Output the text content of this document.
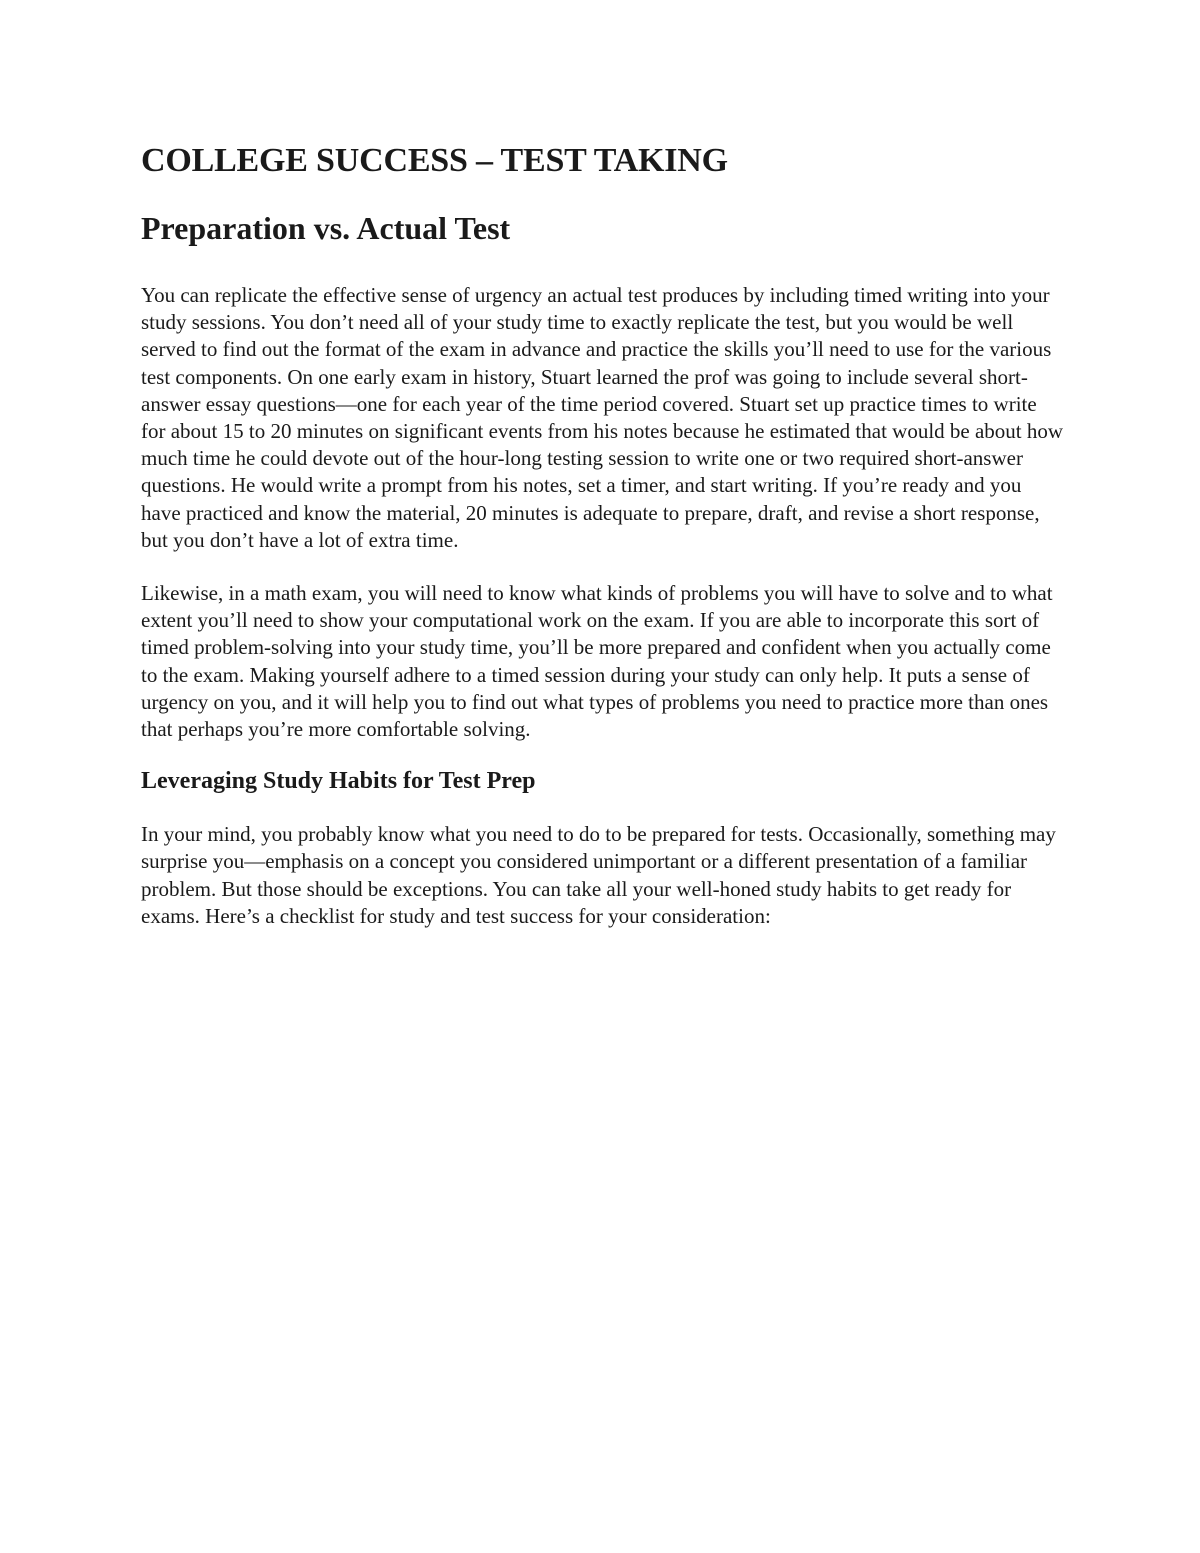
COLLEGE SUCCESS – TEST TAKING
Preparation vs. Actual Test

You can replicate the effective sense of urgency an actual test produces by including timed writing into your study sessions. You don’t need all of your study time to exactly replicate the test, but you would be well served to find out the format of the exam in advance and practice the skills you’ll need to use for the various test components. On one early exam in history, Stuart learned the prof was going to include several short-answer essay questions—one for each year of the time period covered. Stuart set up practice times to write for about 15 to 20 minutes on significant events from his notes because he estimated that would be about how much time he could devote out of the hour-long testing session to write one or two required short-answer questions. He would write a prompt from his notes, set a timer, and start writing. If you’re ready and you have practiced and know the material, 20 minutes is adequate to prepare, draft, and revise a short response, but you don’t have a lot of extra time.

Likewise, in a math exam, you will need to know what kinds of problems you will have to solve and to what extent you’ll need to show your computational work on the exam. If you are able to incorporate this sort of timed problem-solving into your study time, you’ll be more prepared and confident when you actually come to the exam. Making yourself adhere to a timed session during your study can only help. It puts a sense of urgency on you, and it will help you to find out what types of problems you need to practice more than ones that perhaps you’re more comfortable solving.

Leveraging Study Habits for Test Prep

In your mind, you probably know what you need to do to be prepared for tests. Occasionally, something may surprise you—emphasis on a concept you considered unimportant or a different presentation of a familiar problem. But those should be exceptions. You can take all your well-honed study habits to get ready for exams. Here’s a checklist for study and test success for your consideration:
